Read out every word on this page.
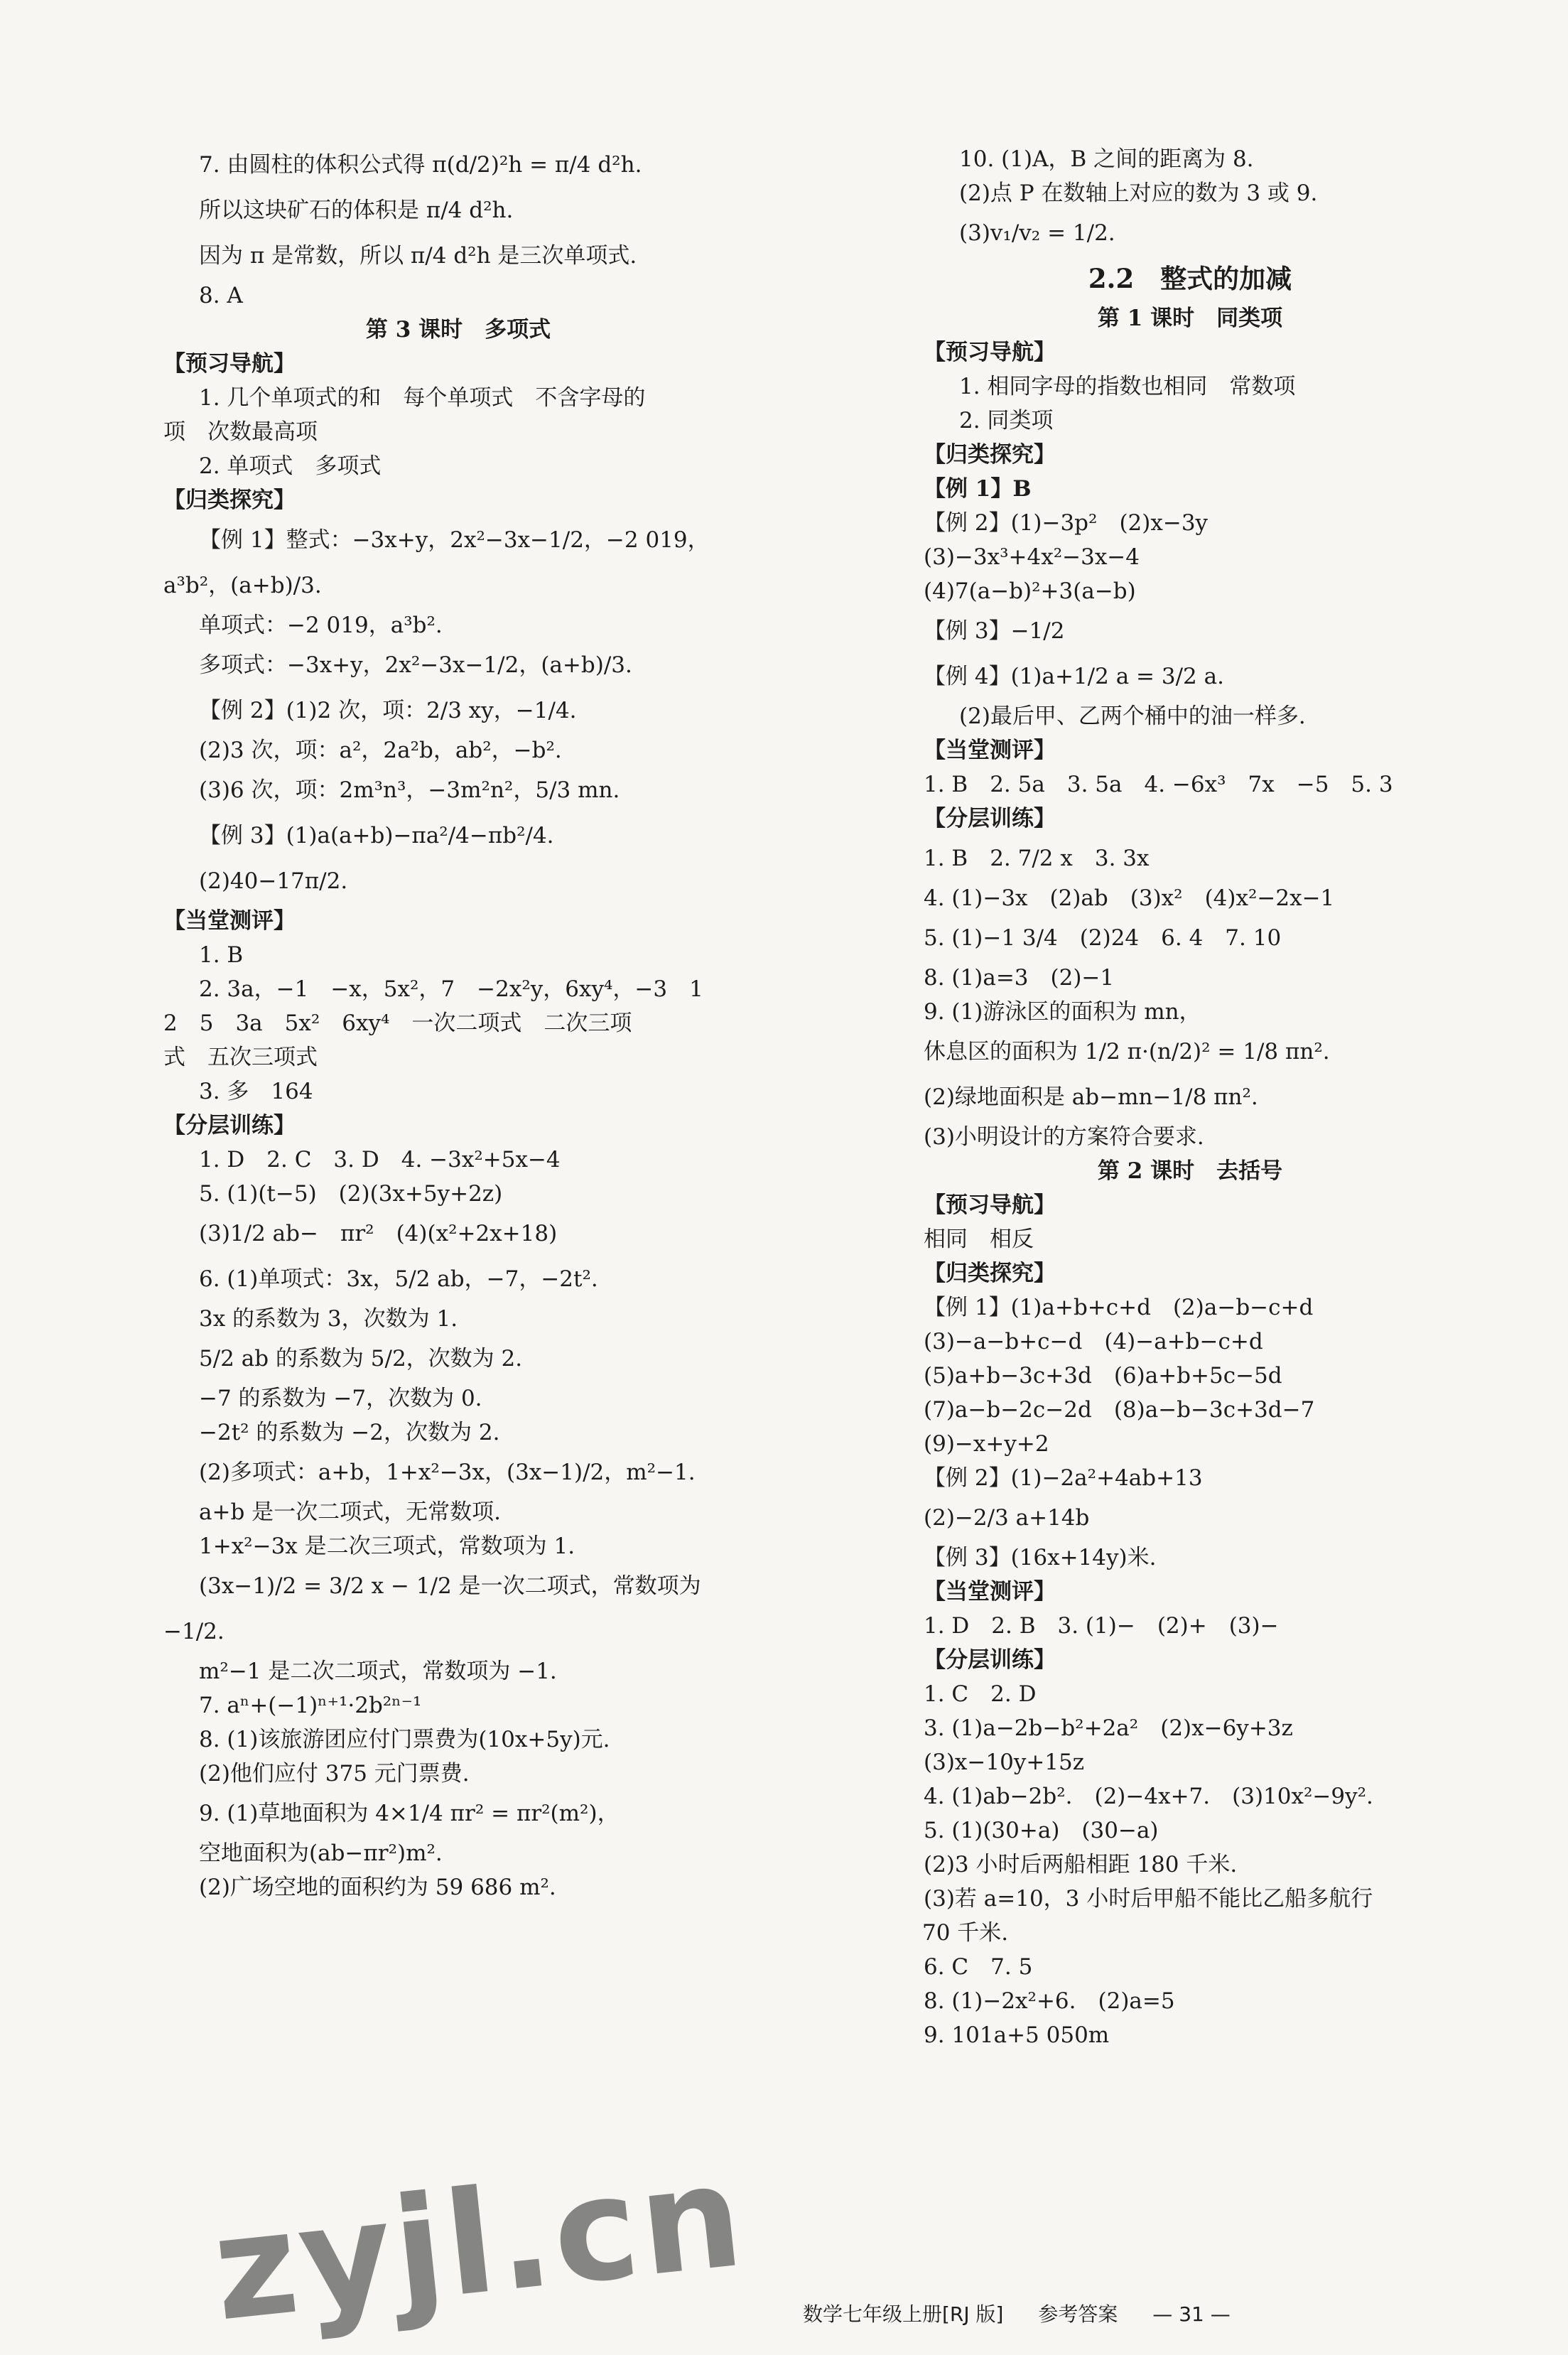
7. 由圆柱的体积公式得 π(d/2)²h = π/4 d²h.

所以这块矿石的体积是 π/4 d²h.

因为 π 是常数，所以 π/4 d²h 是三次单项式.

8. A

第 3 课时　多项式

【预习导航】

1. 几个单项式的和　每个单项式　不含字母的

项　次数最高项

2. 单项式　多项式

【归类探究】

【例 1】整式：−3x+y，2x²−3x−1/2，−2 019，

a³b²，(a+b)/3.

单项式：−2 019，a³b².

多项式：−3x+y，2x²−3x−1/2，(a+b)/3.

【例 2】(1)2 次，项：2/3 xy，−1/4.

(2)3 次，项：a²，2a²b，ab²，−b².

(3)6 次，项：2m³n³，−3m²n²，5/3 mn.

【例 3】(1)a(a+b)−πa²/4−πb²/4.

(2)40−17π/2.

【当堂测评】

1. B

2. 3a，−1　−x，5x²，7　−2x²y，6xy⁴，−3　1

2　5　3a　5x²　6xy⁴　一次二项式　二次三项

式　五次三项式

3. 多　164

【分层训练】

1. D　2. C　3. D　4. −3x²+5x−4

5. (1)(t−5)　(2)(3x+5y+2z)

(3)1/2 ab−　πr²　(4)(x²+2x+18)

6. (1)单项式：3x，5/2 ab，−7，−2t².

3x 的系数为 3，次数为 1.

5/2 ab 的系数为 5/2，次数为 2.

−7 的系数为 −7，次数为 0.

−2t² 的系数为 −2，次数为 2.

(2)多项式：a+b，1+x²−3x，(3x−1)/2，m²−1.

a+b 是一次二项式，无常数项.

1+x²−3x 是二次三项式，常数项为 1.

(3x−1)/2 = 3/2 x − 1/2 是一次二项式，常数项为

−1/2.

m²−1 是二次二项式，常数项为 −1.

7. aⁿ+(−1)ⁿ⁺¹·2b²ⁿ⁻¹

8. (1)该旅游团应付门票费为(10x+5y)元.

(2)他们应付 375 元门票费.

9. (1)草地面积为 4×1/4 πr² = πr²(m²)，

空地面积为(ab−πr²)m².

(2)广场空地的面积约为 59 686 m².

10. (1)A，B 之间的距离为 8.

(2)点 P 在数轴上对应的数为 3 或 9.

(3)v₁/v₂ = 1/2.

2.2　整式的加减

第 1 课时　同类项

【预习导航】

1. 相同字母的指数也相同　常数项

2. 同类项

【归类探究】

【例 1】B

【例 2】(1)−3p²　(2)x−3y

(3)−3x³+4x²−3x−4

(4)7(a−b)²+3(a−b)

【例 3】−1/2

【例 4】(1)a+1/2 a = 3/2 a.

(2)最后甲、乙两个桶中的油一样多.

【当堂测评】

1. B　2. 5a　3. 5a　4. −6x³　7x　−5　5. 3

【分层训练】

1. B　2. 7/2 x　3. 3x

4. (1)−3x　(2)ab　(3)x²　(4)x²−2x−1

5. (1)−1 3/4　(2)24　6. 4　7. 10

8. (1)a=3　(2)−1

9. (1)游泳区的面积为 mn，

休息区的面积为 1/2 π·(n/2)² = 1/8 πn².

(2)绿地面积是 ab−mn−1/8 πn².

(3)小明设计的方案符合要求.

第 2 课时　去括号

【预习导航】

相同　相反

【归类探究】

【例 1】(1)a+b+c+d　(2)a−b−c+d

(3)−a−b+c−d　(4)−a+b−c+d

(5)a+b−3c+3d　(6)a+b+5c−5d

(7)a−b−2c−2d　(8)a−b−3c+3d−7

(9)−x+y+2

【例 2】(1)−2a²+4ab+13

(2)−2/3 a+14b

【例 3】(16x+14y)米.

【当堂测评】

1. D　2. B　3. (1)−　(2)+　(3)−

【分层训练】

1. C　2. D

3. (1)a−2b−b²+2a²　(2)x−6y+3z

(3)x−10y+15z

4. (1)ab−2b².　(2)−4x+7.　(3)10x²−9y².

5. (1)(30+a)　(30−a)

(2)3 小时后两船相距 180 千米.

(3)若 a=10，3 小时后甲船不能比乙船多航行

70 千米.

6. C　7. 5

8. (1)−2x²+6.　(2)a=5

9. 101a+5 050m

数学七年级上册[RJ 版] 参考答案 — 31 —
zyjl.cn
